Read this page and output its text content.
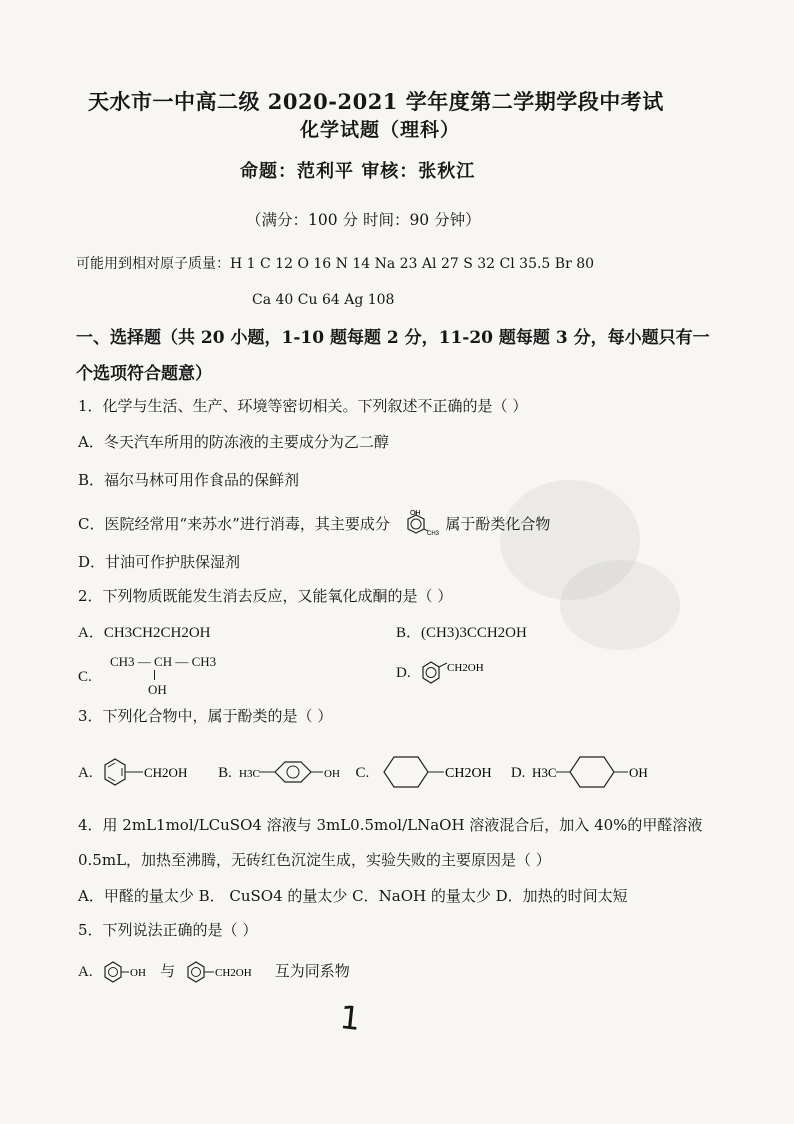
天水市一中高二级 2020-2021 学年度第二学期学段中考试
化学试题（理科）
命题：范利平 审核：张秋江
（满分：100 分 时间：90 分钟）
可能用到相对原子质量：H 1 C 12 O 16 N 14 Na 23 Al 27 S 32 Cl 35.5 Br 80
Ca 40 Cu 64 Ag 108
一、选择题（共 20 小题，1-10 题每题 2 分，11-20 题每题 3 分，每小题只有一
个选项符合题意）
1．化学与生活、生产、环境等密切相关。下列叙述不正确的是（ ）
A．冬天汽车所用的防冻液的主要成分为乙二醇
B．福尔马林可用作食品的保鲜剂
C．医院经常用“来苏水”进行消毒，其主要成分
OH
CH3
属于酚类化合物
D．甘油可作护肤保湿剂
2．下列物质既能发生消去反应，又能氧化成酮的是（ ）
A．CH3CH2CH2OH	B．(CH3)3CCH2OH
C.
CH3 — CH — CH3
OH
D.	CH2OH
3．下列化合物中，属于酚类的是（ ）
A.	CH2OH B. H3C	OH C.	CH2OH D. H3C	OH
4．用 2mL1mol/LCuSO4 溶液与 3mL0.5mol/LNaOH 溶液混合后，加入 40%的甲醛溶液
0.5mL，加热至沸腾，无砖红色沉淀生成，实验失败的主要原因是（ ）
A．甲醛的量太少 B． CuSO4 的量太少 C．NaOH 的量太少 D．加热的时间太短
5．下列说法正确的是（ ）
A.	OH 与	CH2OH 互为同系物
1
